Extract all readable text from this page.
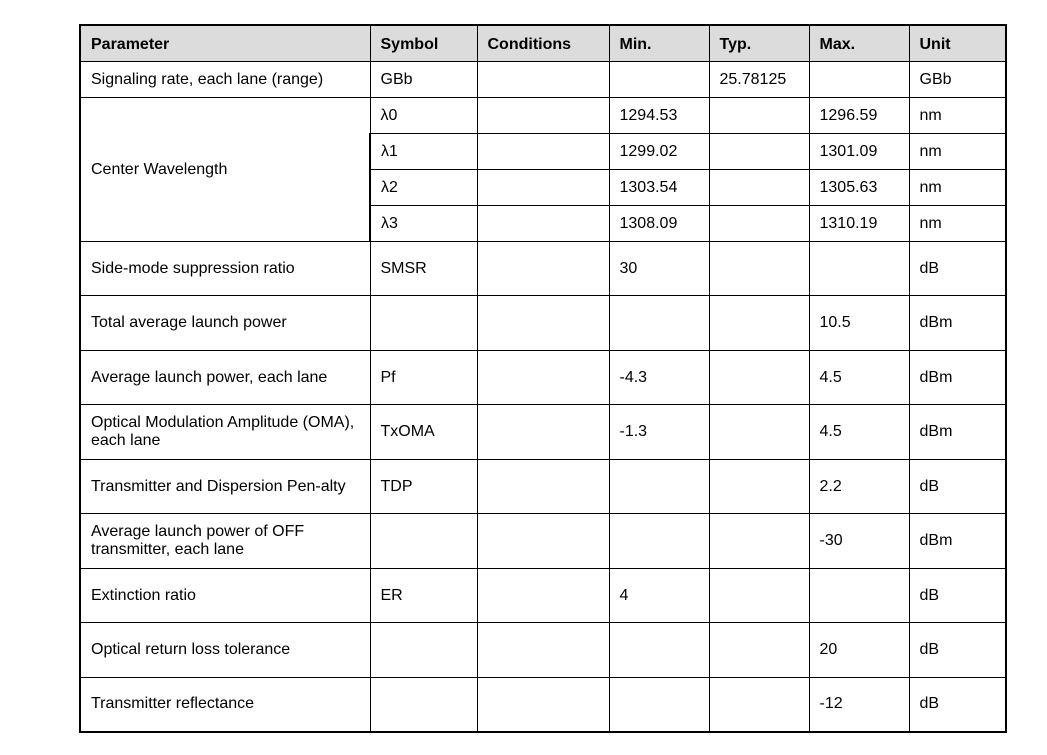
Parameter	Symbol	Conditions	Min.	Typ.	Max.	Unit
Signaling rate, each lane (range)	GBb			25.78125		GBb
Center Wavelength	λ0		1294.53		1296.59	nm
	λ1		1299.02		1301.09	nm
	λ2		1303.54		1305.63	nm
	λ3		1308.09		1310.19	nm
Side-mode suppression ratio	SMSR		30			dB
Total average launch power					10.5	dBm
Average launch power, each lane	Pf		-4.3		4.5	dBm
Optical Modulation Amplitude (OMA), each lane	TxOMA		-1.3		4.5	dBm
Transmitter and Dispersion Pen-alty	TDP				2.2	dB
Average launch power of OFF transmitter, each lane					-30	dBm
Extinction ratio	ER		4			dB
Optical return loss tolerance					20	dB
Transmitter reflectance					-12	dB
